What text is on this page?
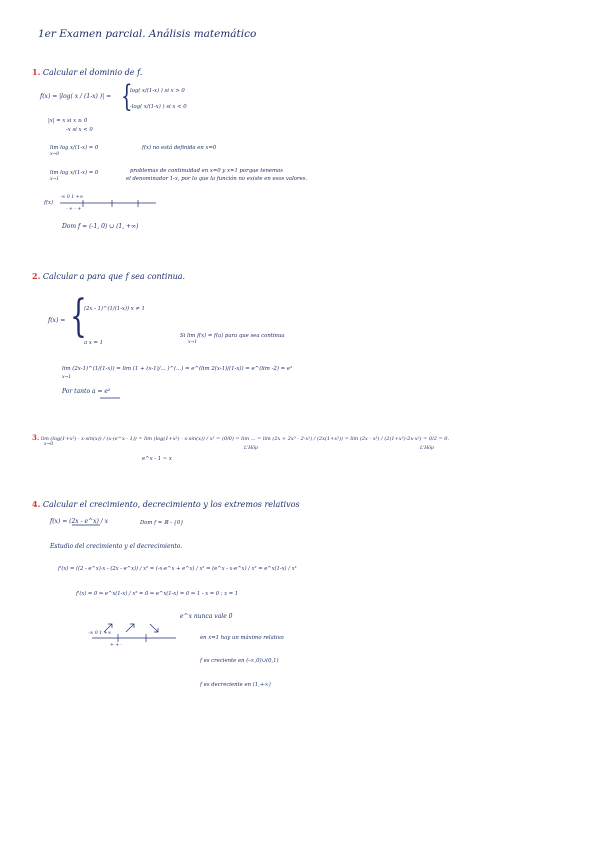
1er Examen parcial. Análisis matemático
1. Calcular el dominio de f.
f(x) = |log( x / (1-x) )| = {
log( x/(1-x) ) si x > 0
-log( x/(1-x) ) si x < 0
|x| = x si x ≥ 0
-x si x < 0
lim log x/(1-x) = 0
x→0
f(x) no está definida en x=0
lim log x/(1-x) = 0
x→1
problemas de continuidad en x=0 y x=1 porque tenemos
el denominador 1-x, por lo que la función no existe en esos valores.
f(x)
-∞ 0 1 +∞
- + - +
Dom f = (-1, 0) ∪ (1, +∞)
2. Calcular a para que f sea continua.
f(x) = {
(2x - 1)^(1/(1-x)) x ≠ 1
a x = 1
Si lim f(x) = f(a) para que sea continua
x→1
lim (2x-1)^(1/(1-x)) = lim (1 + (x-1)/... )^(...) = e^(lim 2(x-1)/(1-x)) = e^(lim -2) = e²
x→1
Por tanto a = e²
3. lim (log(1+x²) - x·sin(x)) / (x·(e^x - 1)) = lim (log(1+x²) - x·sin(x)) / x² = (0/0) = lim ... = lim (2x + 2x³ - 2·x²) / (2x(1+x²)) = lim (2x - x³) / (2(1+x²)·2x·x²) = 0/2 = 0.
x→0
L'Hôp	L'Hôp
e^x - 1 ~ x
4. Calcular el crecimiento, decrecimiento y los extremos relativos
f(x) = (2x - e^x) / x	Dom f = ℝ - {0}
Estudio del crecimiento y el decrecimiento.
f'(x) = ((2 - e^x)·x - (2x - e^x)) / x² = (-x·e^x + e^x) / x² = (e^x - x·e^x) / x² = e^x(1-x) / x²
f'(x) = 0 ⇒ e^x(1-x) / x² = 0 ⇒ e^x(1-x) = 0 ⇒ 1 - x = 0 ; x = 1
e^x nunca vale 0
-∞ 0 1 +∞
+ + -
en x=1 hay un máximo relativo
f es creciente en (-∞,0)∪(0,1)
f es decreciente en (1,+∞)
